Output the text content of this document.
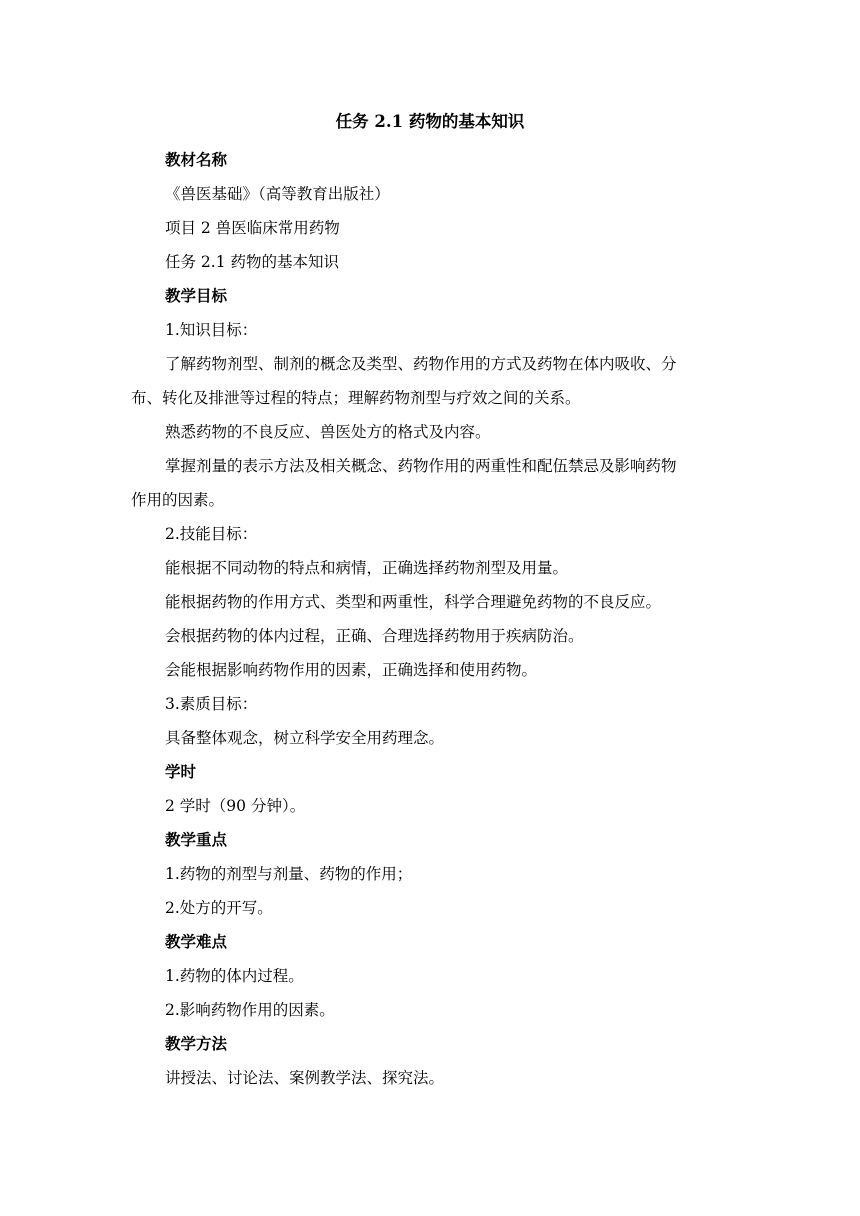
任务 2.1 药物的基本知识
教材名称
《兽医基础》（高等教育出版社）
项目 2 兽医临床常用药物
任务 2.1 药物的基本知识
教学目标
1.知识目标：
了解药物剂型、制剂的概念及类型、药物作用的方式及药物在体内吸收、分
布、转化及排泄等过程的特点；理解药物剂型与疗效之间的关系。
熟悉药物的不良反应、兽医处方的格式及内容。
掌握剂量的表示方法及相关概念、药物作用的两重性和配伍禁忌及影响药物
作用的因素。
2.技能目标：
能根据不同动物的特点和病情，正确选择药物剂型及用量。
能根据药物的作用方式、类型和两重性，科学合理避免药物的不良反应。
会根据药物的体内过程，正确、合理选择药物用于疾病防治。
会能根据影响药物作用的因素，正确选择和使用药物。
3.素质目标：
具备整体观念，树立科学安全用药理念。
学时
2 学时（90 分钟）。
教学重点
1.药物的剂型与剂量、药物的作用；
2.处方的开写。
教学难点
1.药物的体内过程。
2.影响药物作用的因素。
教学方法
讲授法、讨论法、案例教学法、探究法。
